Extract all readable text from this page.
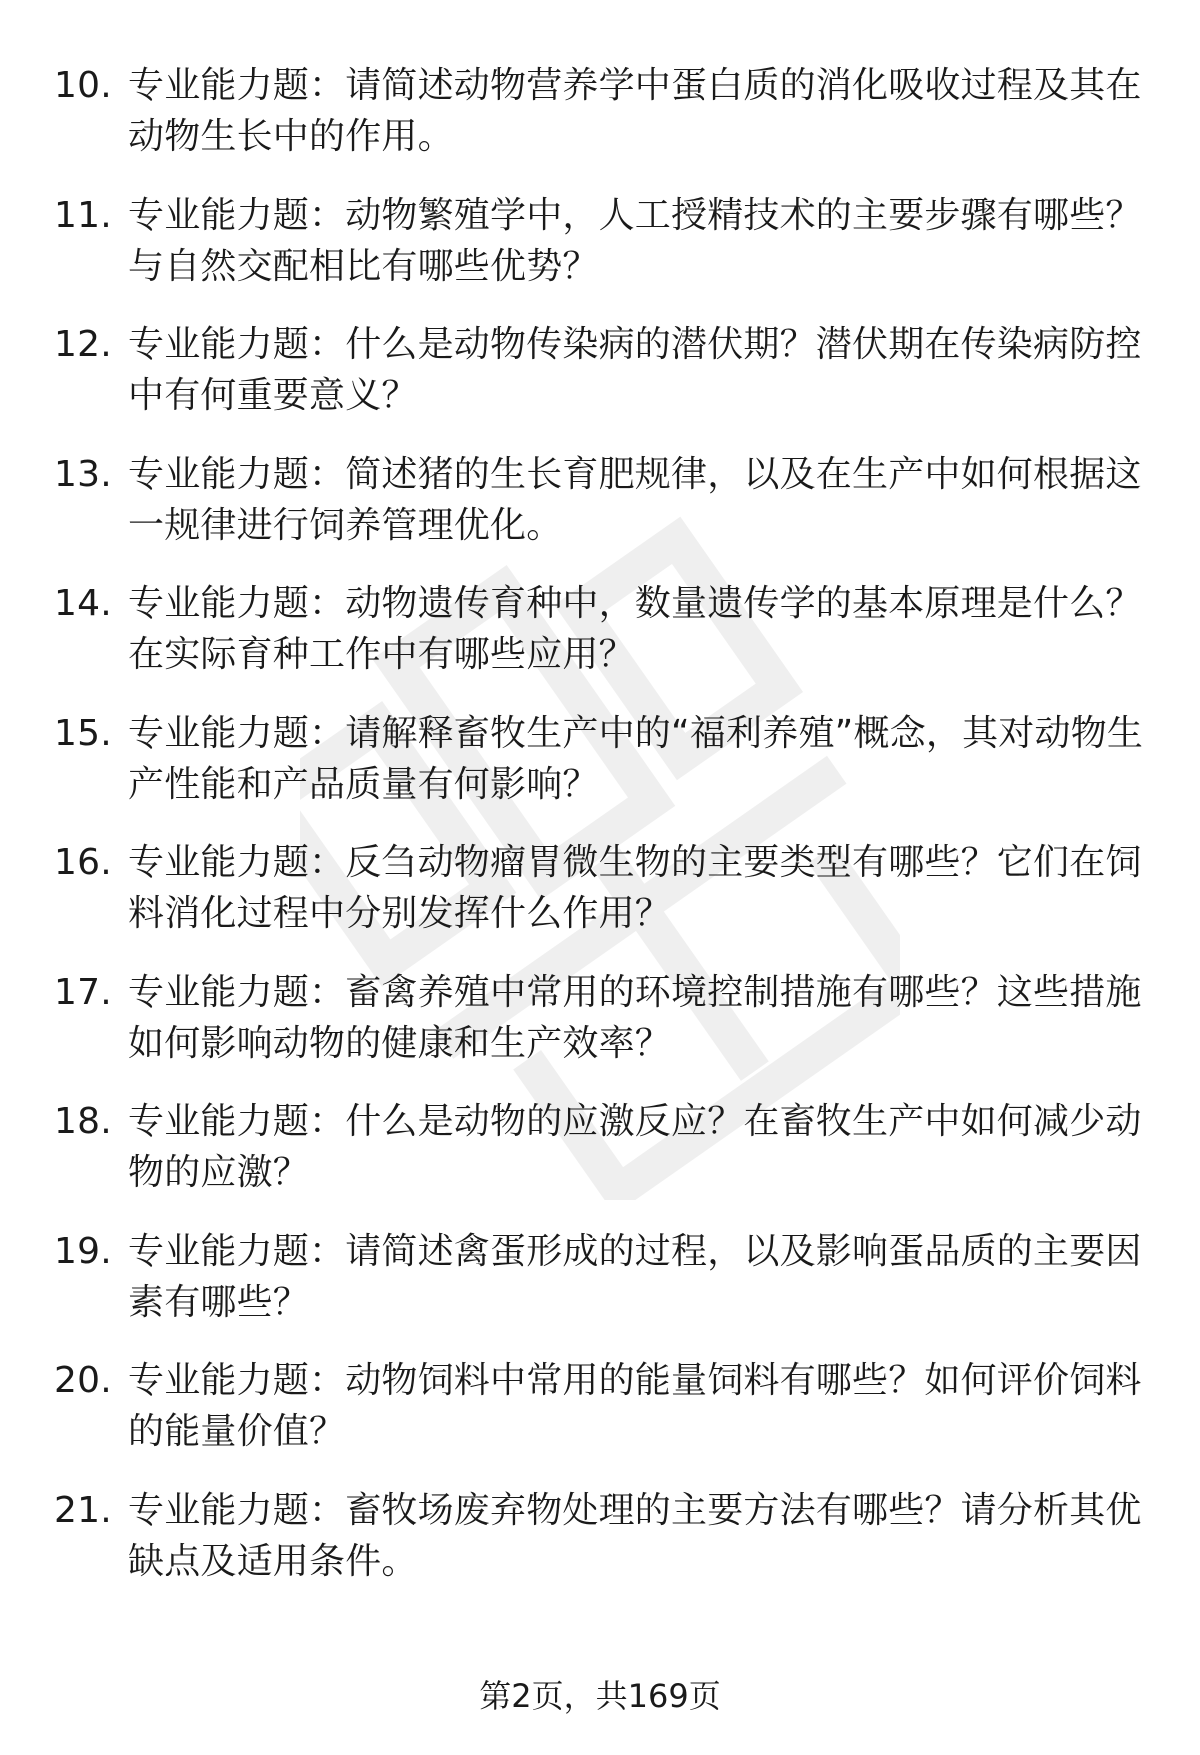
10. 专业能力题：请简述动物营养学中蛋白质的消化吸收过程及其在动物生长中的作用。
11. 专业能力题：动物繁殖学中，人工授精技术的主要步骤有哪些？与自然交配相比有哪些优势？
12. 专业能力题：什么是动物传染病的潜伏期？潜伏期在传染病防控中有何重要意义？
13. 专业能力题：简述猪的生长育肥规律，以及在生产中如何根据这一规律进行饲养管理优化。
14. 专业能力题：动物遗传育种中，数量遗传学的基本原理是什么？在实际育种工作中有哪些应用？
15. 专业能力题：请解释畜牧生产中的“福利养殖”概念，其对动物生产性能和产品质量有何影响？
16. 专业能力题：反刍动物瘤胃微生物的主要类型有哪些？它们在饲料消化过程中分别发挥什么作用？
17. 专业能力题：畜禽养殖中常用的环境控制措施有哪些？这些措施如何影响动物的健康和生产效率？
18. 专业能力题：什么是动物的应激反应？在畜牧生产中如何减少动物的应激？
19. 专业能力题：请简述禽蛋形成的过程，以及影响蛋品质的主要因素有哪些？
20. 专业能力题：动物饲料中常用的能量饲料有哪些？如何评价饲料的能量价值？
21. 专业能力题：畜牧场废弃物处理的主要方法有哪些？请分析其优缺点及适用条件。
第2页，共169页
